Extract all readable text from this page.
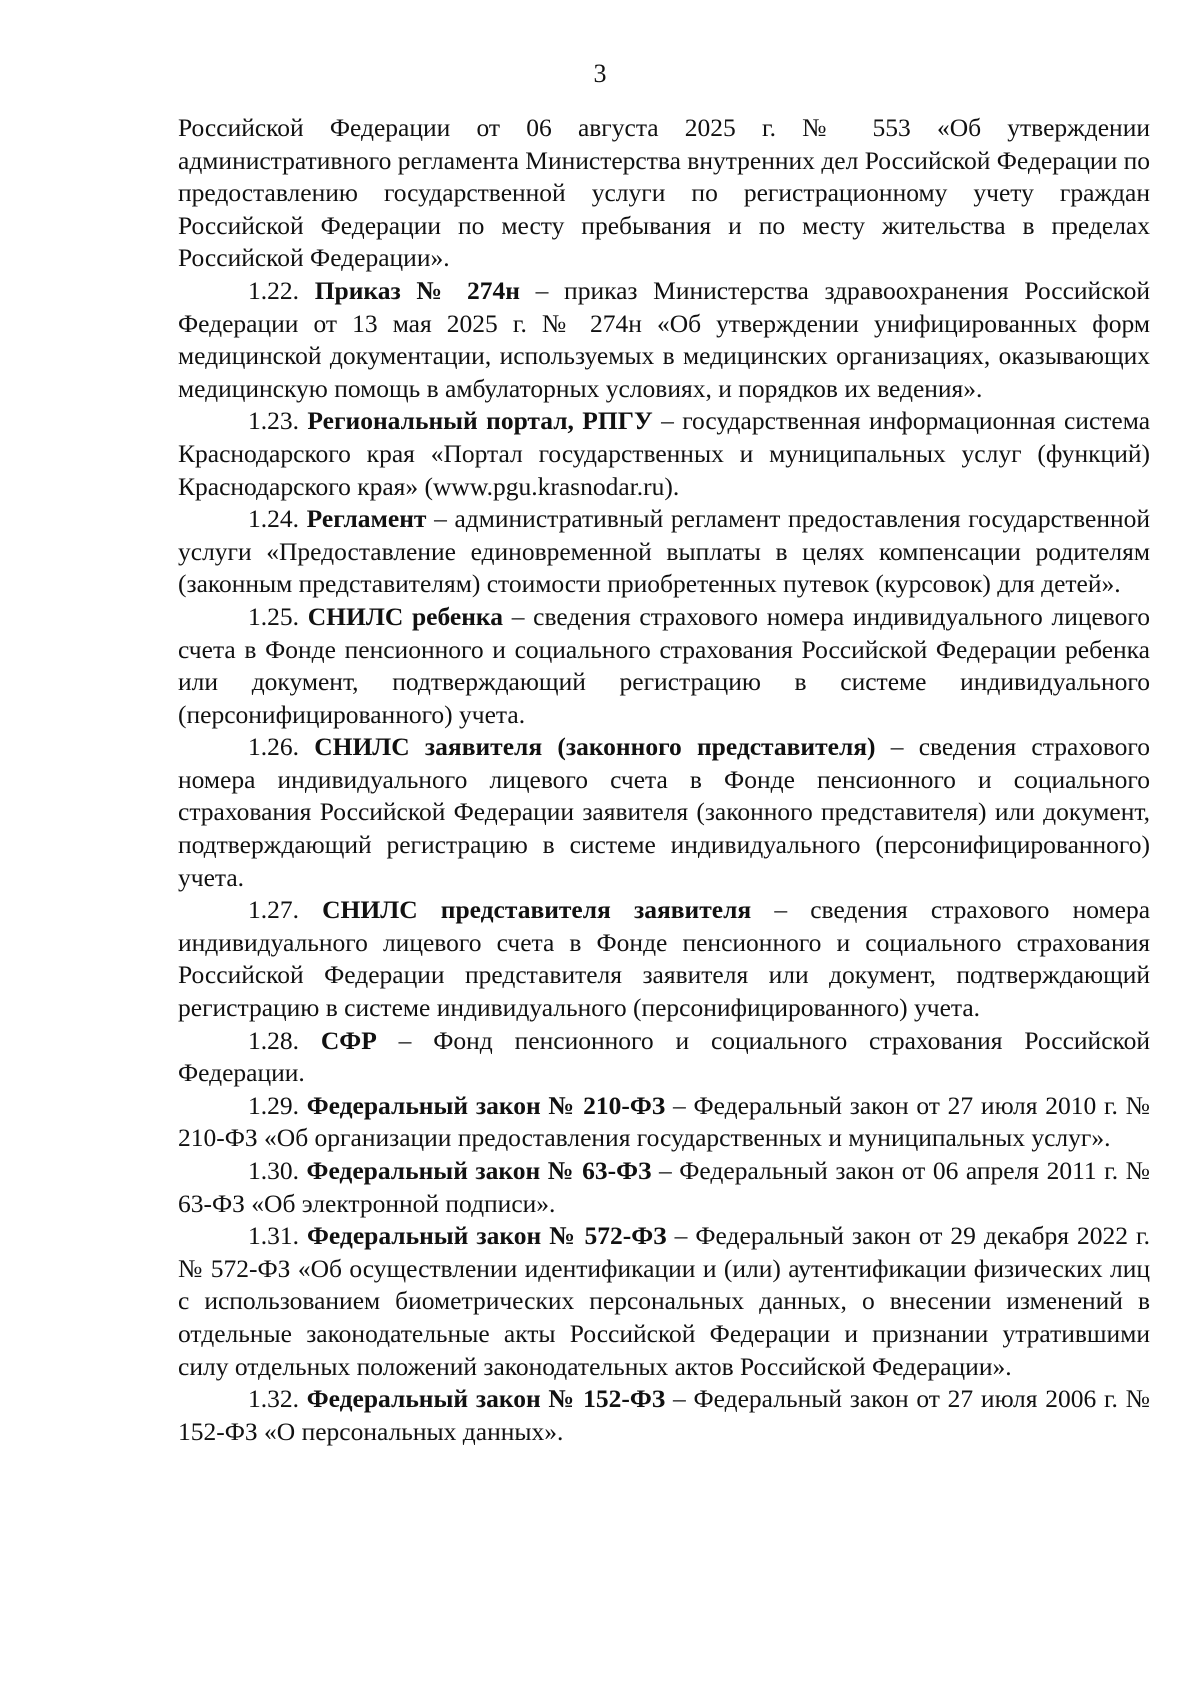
3

Российской Федерации от 06 августа 2025 г. № 553 «Об утверждении административного регламента Министерства внутренних дел Российской Федерации по предоставлению государственной услуги по регистрационному учету граждан Российской Федерации по месту пребывания и по месту жительства в пределах Российской Федерации».

1.22. Приказ № 274н – приказ Министерства здравоохранения Российской Федерации от 13 мая 2025 г. № 274н «Об утверждении унифицированных форм медицинской документации, используемых в медицинских организациях, оказывающих медицинскую помощь в амбулаторных условиях, и порядков их ведения».

1.23. Региональный портал, РПГУ – государственная информационная система Краснодарского края «Портал государственных и муниципальных услуг (функций) Краснодарского края» (www.pgu.krasnodar.ru).

1.24. Регламент – административный регламент предоставления государственной услуги «Предоставление единовременной выплаты в целях компенсации родителям (законным представителям) стоимости приобретенных путевок (курсовок) для детей».

1.25. СНИЛС ребенка – сведения страхового номера индивидуального лицевого счета в Фонде пенсионного и социального страхования Российской Федерации ребенка или документ, подтверждающий регистрацию в системе индивидуального (персонифицированного) учета.

1.26. СНИЛС заявителя (законного представителя) – сведения страхового номера индивидуального лицевого счета в Фонде пенсионного и социального страхования Российской Федерации заявителя (законного представителя) или документ, подтверждающий регистрацию в системе индивидуального (персонифицированного) учета.

1.27. СНИЛС представителя заявителя – сведения страхового номера индивидуального лицевого счета в Фонде пенсионного и социального страхования Российской Федерации представителя заявителя или документ, подтверждающий регистрацию в системе индивидуального (персонифицированного) учета.

1.28. СФР – Фонд пенсионного и социального страхования Российской Федерации.

1.29. Федеральный закон № 210-ФЗ – Федеральный закон от 27 июля 2010 г. № 210-ФЗ «Об организации предоставления государственных и муниципальных услуг».

1.30. Федеральный закон № 63-ФЗ – Федеральный закон от 06 апреля 2011 г. № 63-ФЗ «Об электронной подписи».

1.31. Федеральный закон № 572-ФЗ – Федеральный закон от 29 декабря 2022 г. № 572-ФЗ «Об осуществлении идентификации и (или) аутентификации физических лиц с использованием биометрических персональных данных, о внесении изменений в отдельные законодательные акты Российской Федерации и признании утратившими силу отдельных положений законодательных актов Российской Федерации».

1.32. Федеральный закон № 152-ФЗ – Федеральный закон от 27 июля 2006 г. № 152-ФЗ «О персональных данных».
